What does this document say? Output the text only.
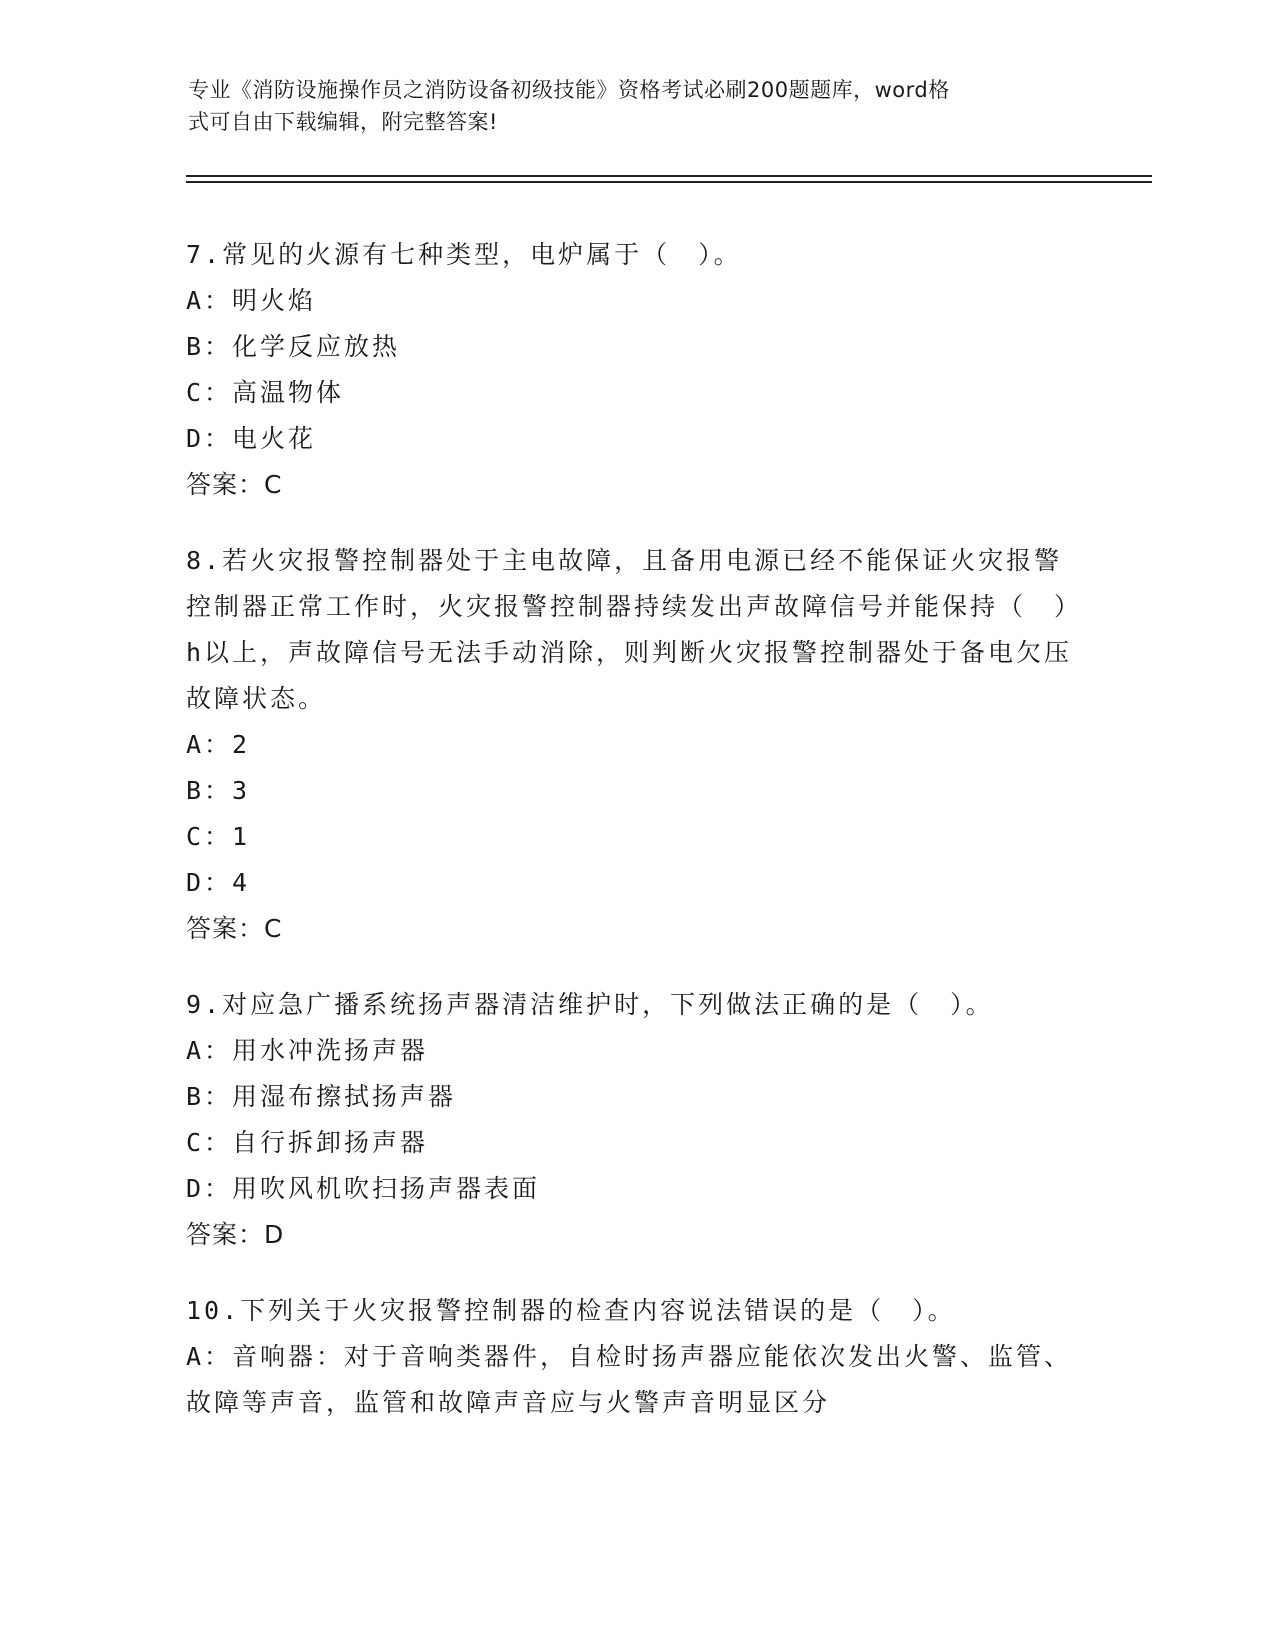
专业《消防设施操作员之消防设备初级技能》资格考试必刷200题题库，word格
式可自由下载编辑，附完整答案!
7.常见的火源有七种类型，电炉属于（　）。
A：明火焰
B：化学反应放热
C：高温物体
D：电火花
答案：C
8.若火灾报警控制器处于主电故障，且备用电源已经不能保证火灾报警控制器正常工作时，火灾报警控制器持续发出声故障信号并能保持（　）h以上，声故障信号无法手动消除，则判断火灾报警控制器处于备电欠压故障状态。
A：2
B：3
C：1
D：4
答案：C
9.对应急广播系统扬声器清洁维护时，下列做法正确的是（　）。
A：用水冲洗扬声器
B：用湿布擦拭扬声器
C：自行拆卸扬声器
D：用吹风机吹扫扬声器表面
答案：D
10.下列关于火灾报警控制器的检查内容说法错误的是（　）。
A：音响器：对于音响类器件，自检时扬声器应能依次发出火警、监管、故障等声音，监管和故障声音应与火警声音明显区分
